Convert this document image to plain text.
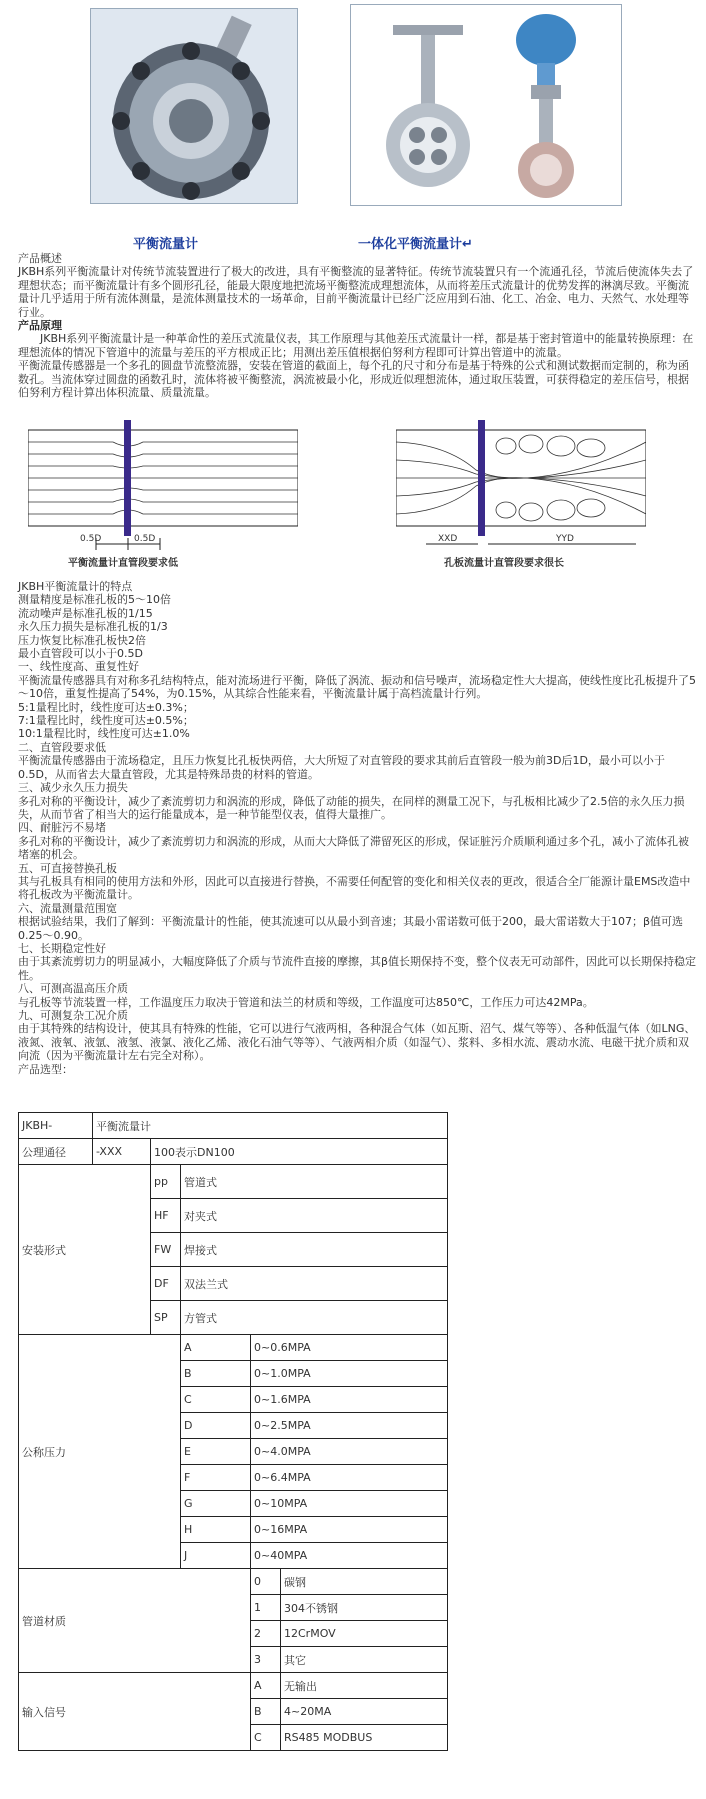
平衡流量计	一体化平衡流量计↵

产品概述

JKBH系列平衡流量计对传统节流装置进行了极大的改进，具有平衡整流的显著特征。传统节流装置只有一个流通孔径，节流后使流体失去了理想状态；而平衡流量计有多个圆形孔径，能最大限度地把流场平衡整流成理想流体，从而将差压式流量计的优势发挥的淋漓尽致。平衡流量计几乎适用于所有流体测量，是流体测量技术的一场革命，目前平衡流量计已经广泛应用到石油、化工、冶金、电力、天然气、水处理等行业。

产品原理

JKBH系列平衡流量计是一种革命性的差压式流量仪表，其工作原理与其他差压式流量计一样，都是基于密封管道中的能量转换原理：在理想流体的情况下管道中的流量与差压的平方根成正比；用测出差压值根据伯努利方程即可计算出管道中的流量。

平衡流量传感器是一个多孔的圆盘节流整流器，安装在管道的截面上，每个孔的尺寸和分布是基于特殊的公式和测试数据而定制的，称为函数孔。当流体穿过圆盘的函数孔时，流体将被平衡整流，涡流被最小化，形成近似理想流体，通过取压装置，可获得稳定的差压信号，根据伯努利方程计算出体积流量、质量流量。

0.5D	0.5D
平衡流量计直管段要求低
XXD	YYD
孔板流量计直管段要求很长

JKBH平衡流量计的特点

测量精度是标准孔板的5～10倍

流动噪声是标准孔板的1/15

永久压力损失是标准孔板的1/3

压力恢复比标准孔板快2倍

最小直管段可以小于0.5D

一、线性度高、重复性好

平衡流量传感器具有对称多孔结构特点，能对流场进行平衡，降低了涡流、振动和信号噪声，流场稳定性大大提高，使线性度比孔板提升了5～10倍，重复性提高了54%，为0.15%，从其综合性能来看，平衡流量计属于高档流量计行列。

5:1量程比时，线性度可达±0.3%；

7:1量程比时，线性度可达±0.5%；

10:1量程比时，线性度可达±1.0%

二、直管段要求低

平衡流量传感器由于流场稳定，且压力恢复比孔板快两倍，大大所短了对直管段的要求其前后直管段一般为前3D后1D，最小可以小于0.5D，从而省去大量直管段，尤其是特殊昂贵的材料的管道。

三、减少永久压力损失

多孔对称的平衡设计，减少了紊流剪切力和涡流的形成，降低了动能的损失，在同样的测量工况下，与孔板相比减少了2.5倍的永久压力损失，从而节省了相当大的运行能量成本，是一种节能型仪表，值得大量推广。

四、耐脏污不易堵

多孔对称的平衡设计，减少了紊流剪切力和涡流的形成，从而大大降低了滞留死区的形成，保证脏污介质顺利通过多个孔，减小了流体孔被堵塞的机会。

五、可直接替换孔板

其与孔板具有相同的使用方法和外形，因此可以直接进行替换，不需要任何配管的变化和相关仪表的更改，很适合全厂能源计量EMS改造中将孔板改为平衡流量计。

六、流量测量范围宽

根据试验结果，我们了解到：平衡流量计的性能，使其流速可以从最小到音速；其最小雷诺数可低于200，最大雷诺数大于107；β值可选0.25～0.90。

七、长期稳定性好

由于其紊流剪切力的明显减小，大幅度降低了介质与节流件直接的摩擦，其β值长期保持不变，整个仪表无可动部件，因此可以长期保持稳定性。

八、可测高温高压介质

与孔板等节流装置一样，工作温度压力取决于管道和法兰的材质和等级，工作温度可达850℃，工作压力可达42MPa。

九、可测复杂工况介质

由于其特殊的结构设计，使其具有特殊的性能，它可以进行气液两相，各种混合气体（如瓦斯、沼气、煤气等等）、各种低温气体（如LNG、液氮、液氧、液氩、液氢、液氯、液化乙烯、液化石油气等等）、气液两相介质（如湿气）、浆料、多相水流、震动水流、电磁干扰介质和双向流（因为平衡流量计左右完全对称）。

产品选型：

JKBH-	平衡流量计				
公理通径	-XXX	100表示DN100			
安装形式		pp	管道式		
		HF	对夹式		
		FW	焊接式		
		DF	双法兰式		
		SP	方管式		
公称压力			A	0~0.6MPA	
			B	0~1.0MPA	
			C	0~1.6MPA	
			D	0~2.5MPA	
			E	0~4.0MPA	
			F	0~6.4MPA	
			G	0~10MPA	
			H	0~16MPA	
			J	0~40MPA	
管道材质				0	碳钢
				1	304不锈钢
				2	12CrMOV
				3	其它
输入信号				A	无输出
				B	4~20MA
				C	RS485 MODBUS
